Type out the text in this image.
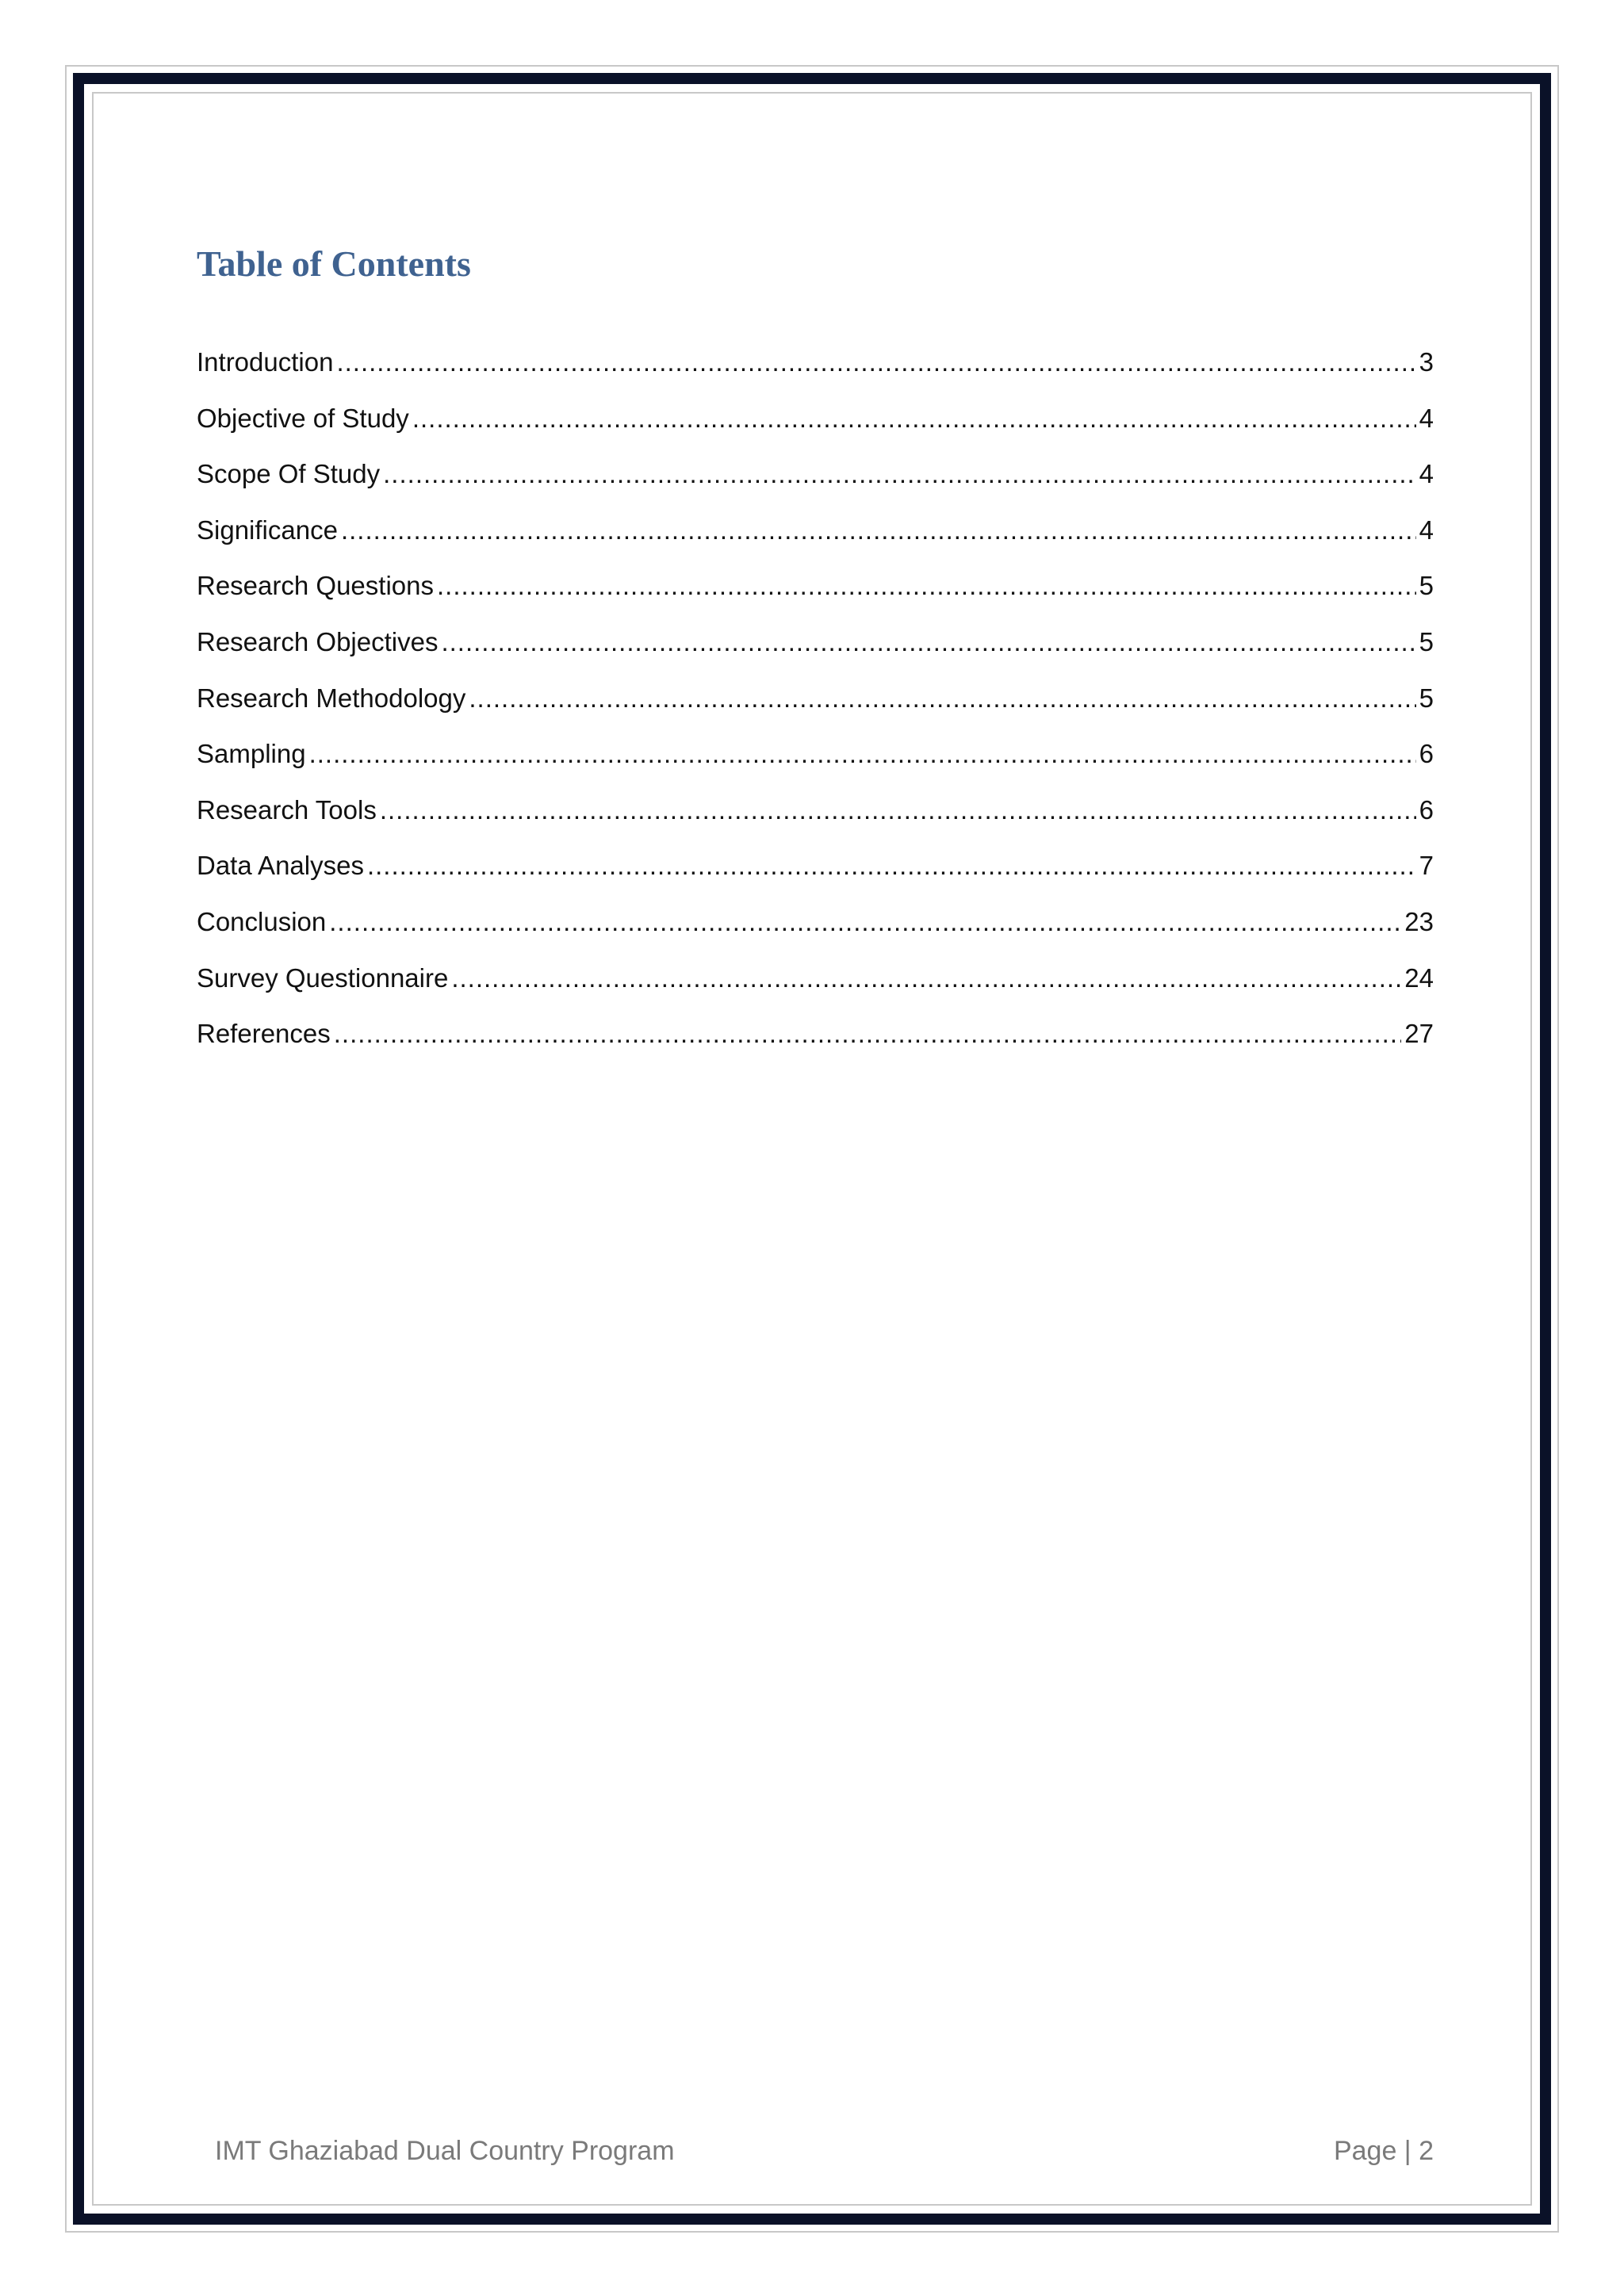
Table of Contents
Introduction .....	3
Objective of Study .....	4
Scope Of Study .....	4
Significance .....	4
Research Questions .....	5
Research Objectives .....	5
Research Methodology .....	5
Sampling .....	6
Research Tools .....	6
Data Analyses .....	7
Conclusion .....	23
Survey Questionnaire .....	24
References .....	27
IMT Ghaziabad Dual Country Program	Page | 2
